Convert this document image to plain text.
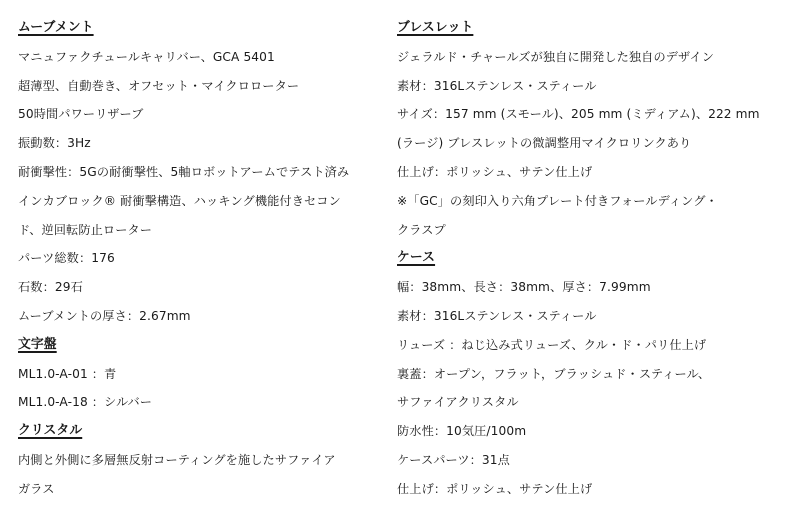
ムーブメント
マニュファクチュールキャリバー、GCA 5401
超薄型、自動巻き、オフセット・マイクロローター
50時間パワーリザーブ
振動数：3Hz
耐衝撃性：5Gの耐衝撃性、5軸ロボットアームでテスト済み
インカブロック® 耐衝撃構造、ハッキング機能付きセコン
ド、逆回転防止ローター
パーツ総数：176
石数：29石
ムーブメントの厚さ：2.67mm
文字盤
ML1.0-A-01 ：青
ML1.0-A-18 ：シルバー
クリスタル
内側と外側に多層無反射コーティングを施したサファイア
ガラス
ブレスレット
ジェラルド・チャールズが独自に開発した独自のデザイン
素材：316Lステンレス・スティール
サイズ：157 mm (スモール)、205 mm (ミディアム)、222 mm
(ラージ) ブレスレットの微調整用マイクロリンクあり
仕上げ：ポリッシュ、サテン仕上げ
※「GC」の刻印入り六角プレート付きフォールディング・
クラスプ
ケース
幅：38mm、長さ：38mm、厚さ：7.99mm
素材：316Lステンレス・スティール
リューズ ：ねじ込み式リューズ、クル・ド・パリ仕上げ
裏蓋：オープン，フラット，ブラッシュド・スティール、
サファイアクリスタル
防水性：10気圧/100m
ケースパーツ：31点
仕上げ：ポリッシュ、サテン仕上げ
